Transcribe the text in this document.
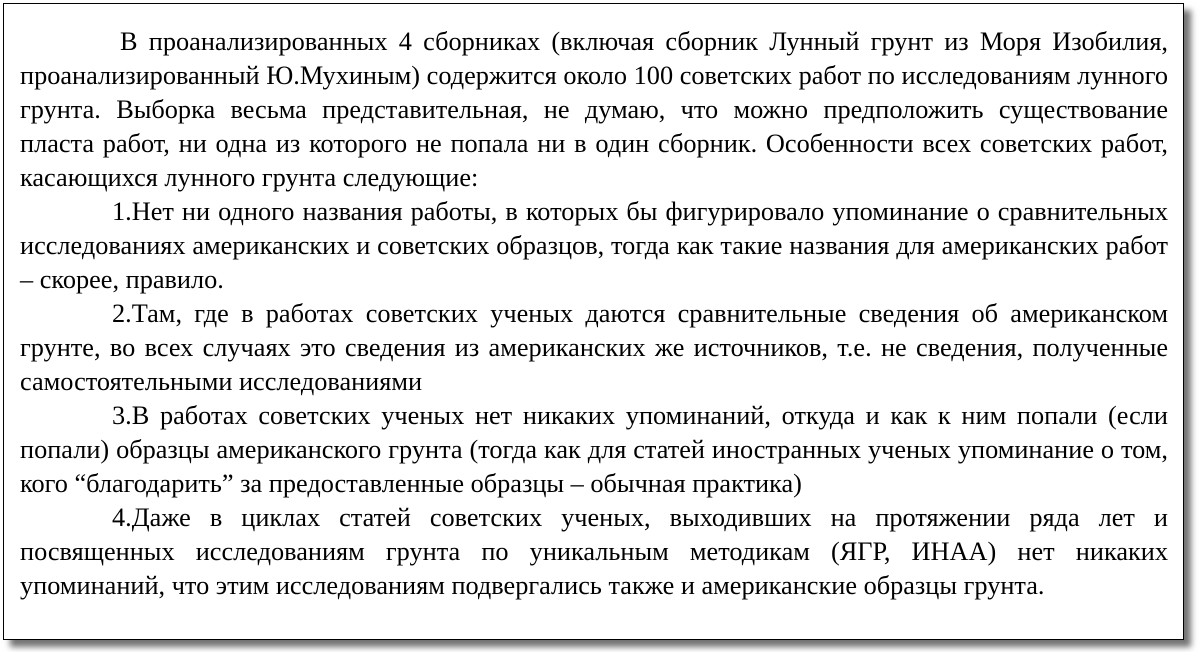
В проанализированных 4 сборниках (включая сборник Лунный грунт из Моря Изобилия, проанализированный Ю.Мухиным) содержится около 100 советских работ по исследованиям лунного грунта. Выборка весьма представительная, не думаю, что можно предположить существование пласта работ, ни одна из которого не попала ни в один сборник. Особенности всех советских работ, касающихся лунного грунта следующие:

1.Нет ни одного названия работы, в которых бы фигурировало упоминание о сравнительных исследованиях американских и советских образцов, тогда как такие названия для американских работ – скорее, правило.

2.Там, где в работах советских ученых даются сравнительные сведения об американском грунте, во всех случаях это сведения из американских же источников, т.е. не сведения, полученные самостоятельными исследованиями

3.В работах советских ученых нет никаких упоминаний, откуда и как к ним попали (если попали) образцы американского грунта (тогда как для статей иностранных ученых упоминание о том, кого “благодарить” за предоставленные образцы – обычная практика)

4.Даже в циклах статей советских ученых, выходивших на протяжении ряда лет и посвященных исследованиям грунта по уникальным методикам (ЯГР, ИНАА) нет никаких упоминаний, что этим исследованиям подвергались также и американские образцы грунта.
